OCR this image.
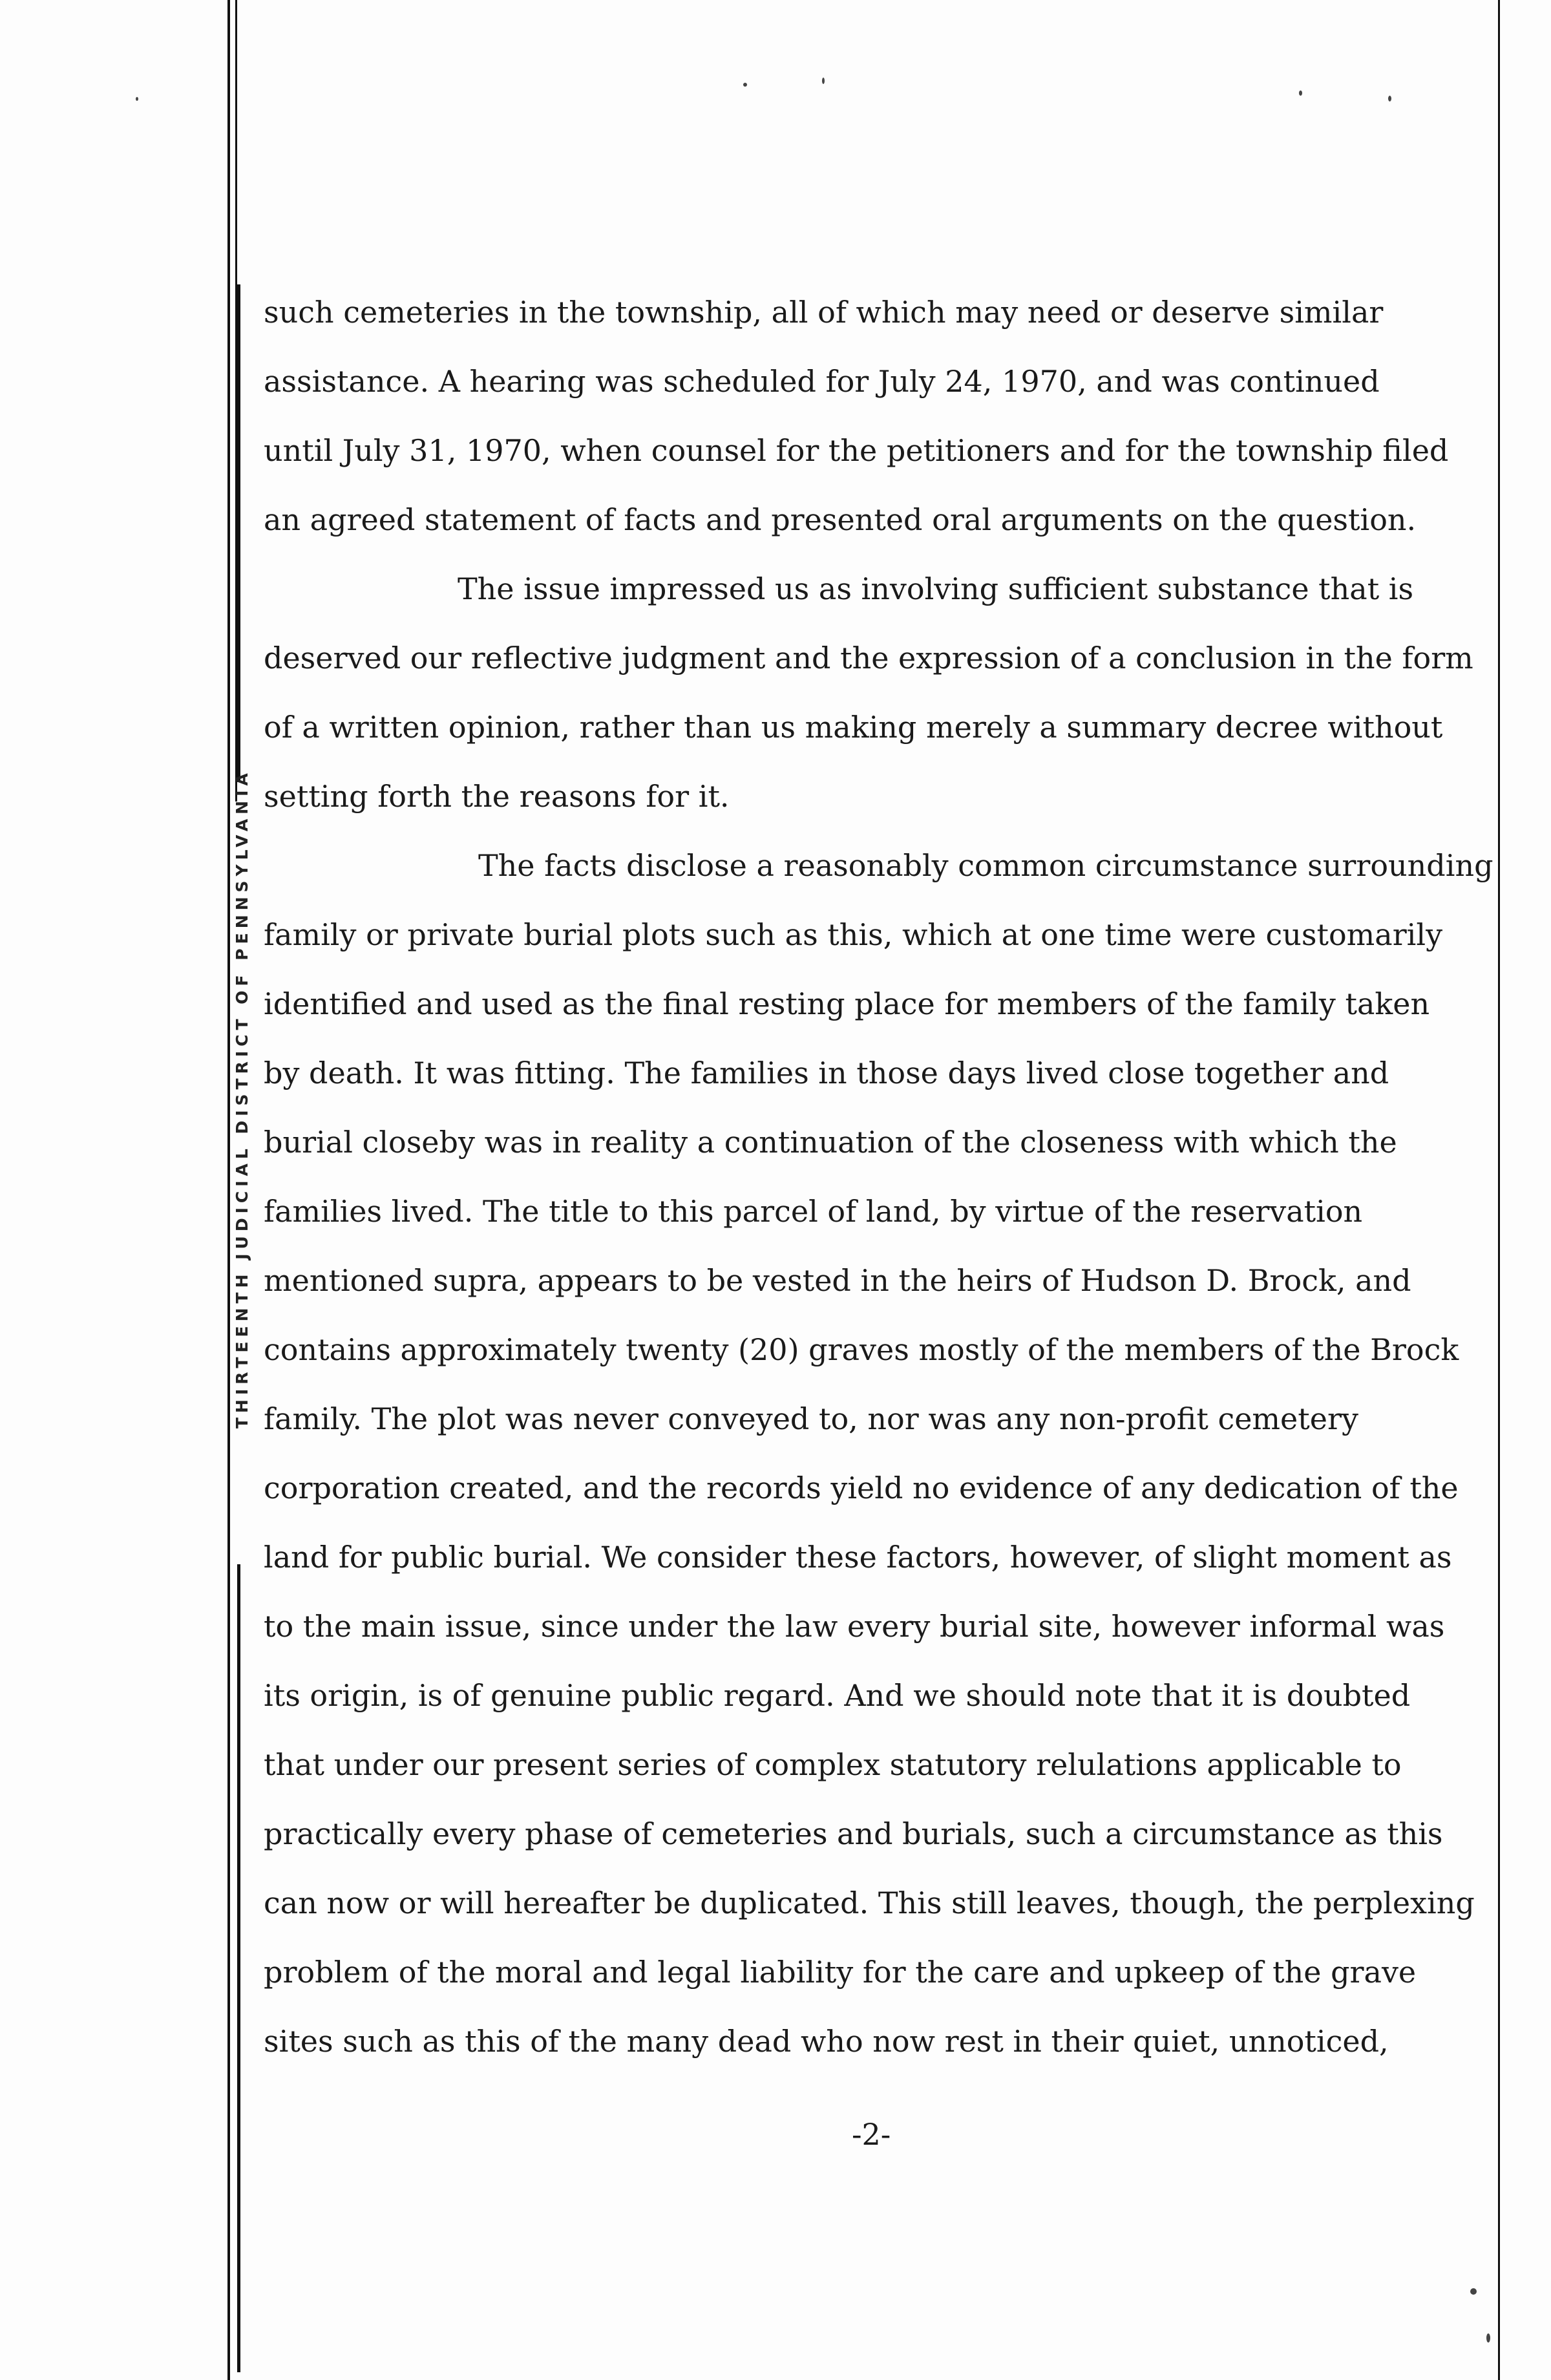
THIRTEENTH JUDICIAL DISTRICT OF PENNSYLVANIA
such cemeteries in the township, all of which may need or deserve similar
assistance. A hearing was scheduled for July 24, 1970, and was continued
until July 31, 1970, when counsel for the petitioners and for the township filed
an agreed statement of facts and presented oral arguments on the question.
The issue impressed us as involving sufficient substance that is
deserved our reflective judgment and the expression of a conclusion in the form
of a written opinion, rather than us making merely a summary decree without
setting forth the reasons for it.
The facts disclose a reasonably common circumstance surrounding
family or private burial plots such as this, which at one time were customarily
identified and used as the final resting place for members of the family taken
by death. It was fitting. The families in those days lived close together and
burial closeby was in reality a continuation of the closeness with which the
families lived. The title to this parcel of land, by virtue of the reservation
mentioned supra, appears to be vested in the heirs of Hudson D. Brock, and
contains approximately twenty (20) graves mostly of the members of the Brock
family. The plot was never conveyed to, nor was any non-profit cemetery
corporation created, and the records yield no evidence of any dedication of the
land for public burial. We consider these factors, however, of slight moment as
to the main issue, since under the law every burial site, however informal was
its origin, is of genuine public regard. And we should note that it is doubted
that under our present series of complex statutory relulations applicable to
practically every phase of cemeteries and burials, such a circumstance as this
can now or will hereafter be duplicated. This still leaves, though, the perplexing
problem of the moral and legal liability for the care and upkeep of the grave
sites such as this of the many dead who now rest in their quiet, unnoticed,
-2-
